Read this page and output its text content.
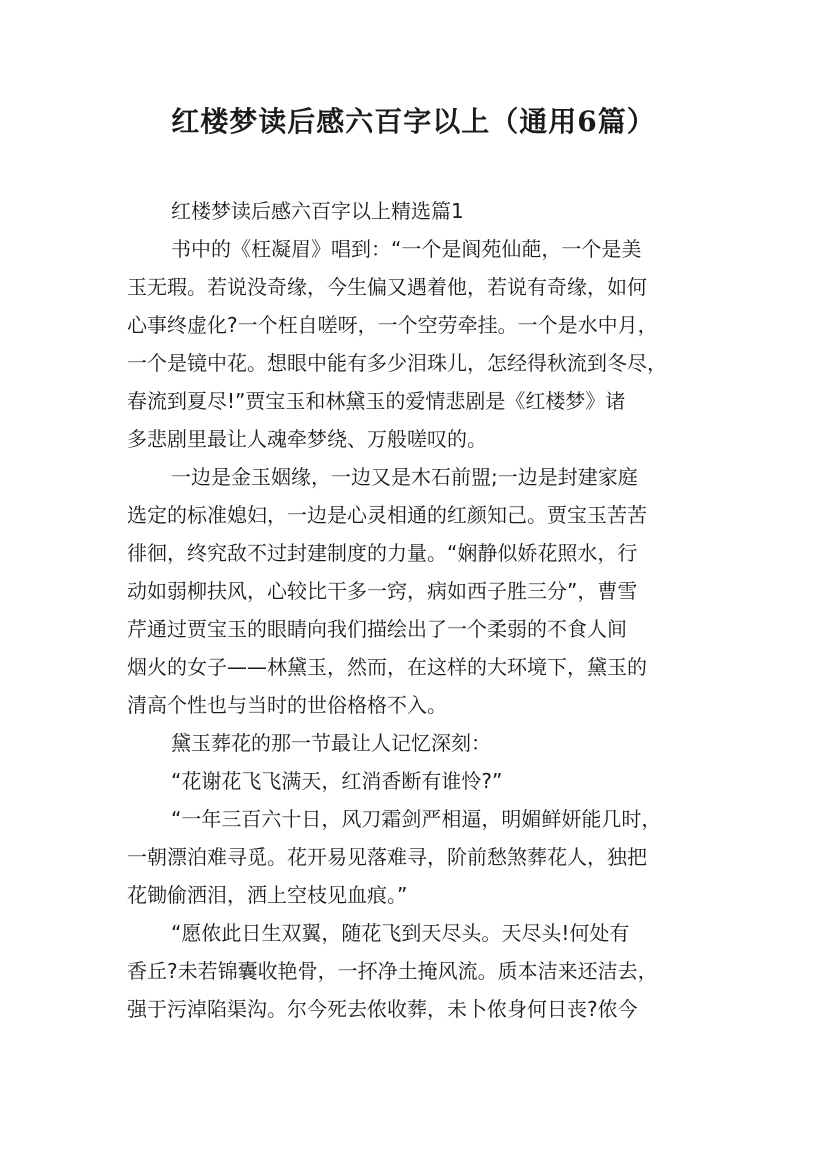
红楼梦读后感六百字以上（通用6篇）
红楼梦读后感六百字以上精选篇1
书中的《枉凝眉》唱到：“一个是阆苑仙葩，一个是美
玉无瑕。若说没奇缘，今生偏又遇着他，若说有奇缘，如何
心事终虚化?一个枉自嗟呀，一个空劳牵挂。一个是水中月，
一个是镜中花。想眼中能有多少泪珠儿，怎经得秋流到冬尽，
春流到夏尽!”贾宝玉和林黛玉的爱情悲剧是《红楼梦》诸
多悲剧里最让人魂牵梦绕、万般嗟叹的。
一边是金玉姻缘，一边又是木石前盟;一边是封建家庭
选定的标准媳妇，一边是心灵相通的红颜知己。贾宝玉苦苦
徘徊，终究敌不过封建制度的力量。“娴静似娇花照水，行
动如弱柳扶风，心较比干多一窍，病如西子胜三分”，曹雪
芹通过贾宝玉的眼睛向我们描绘出了一个柔弱的不食人间
烟火的女子——林黛玉，然而，在这样的大环境下，黛玉的
清高个性也与当时的世俗格格不入。
黛玉葬花的那一节最让人记忆深刻：
“花谢花飞飞满天，红消香断有谁怜?”
“一年三百六十日，风刀霜剑严相逼，明媚鲜妍能几时，
一朝漂泊难寻觅。花开易见落难寻，阶前愁煞葬花人，独把
花锄偷洒泪，洒上空枝见血痕。”
“愿侬此日生双翼，随花飞到天尽头。天尽头!何处有
香丘?未若锦囊收艳骨，一抔净土掩风流。质本洁来还洁去，
强于污淖陷渠沟。尔今死去侬收葬，未卜侬身何日丧?侬今
